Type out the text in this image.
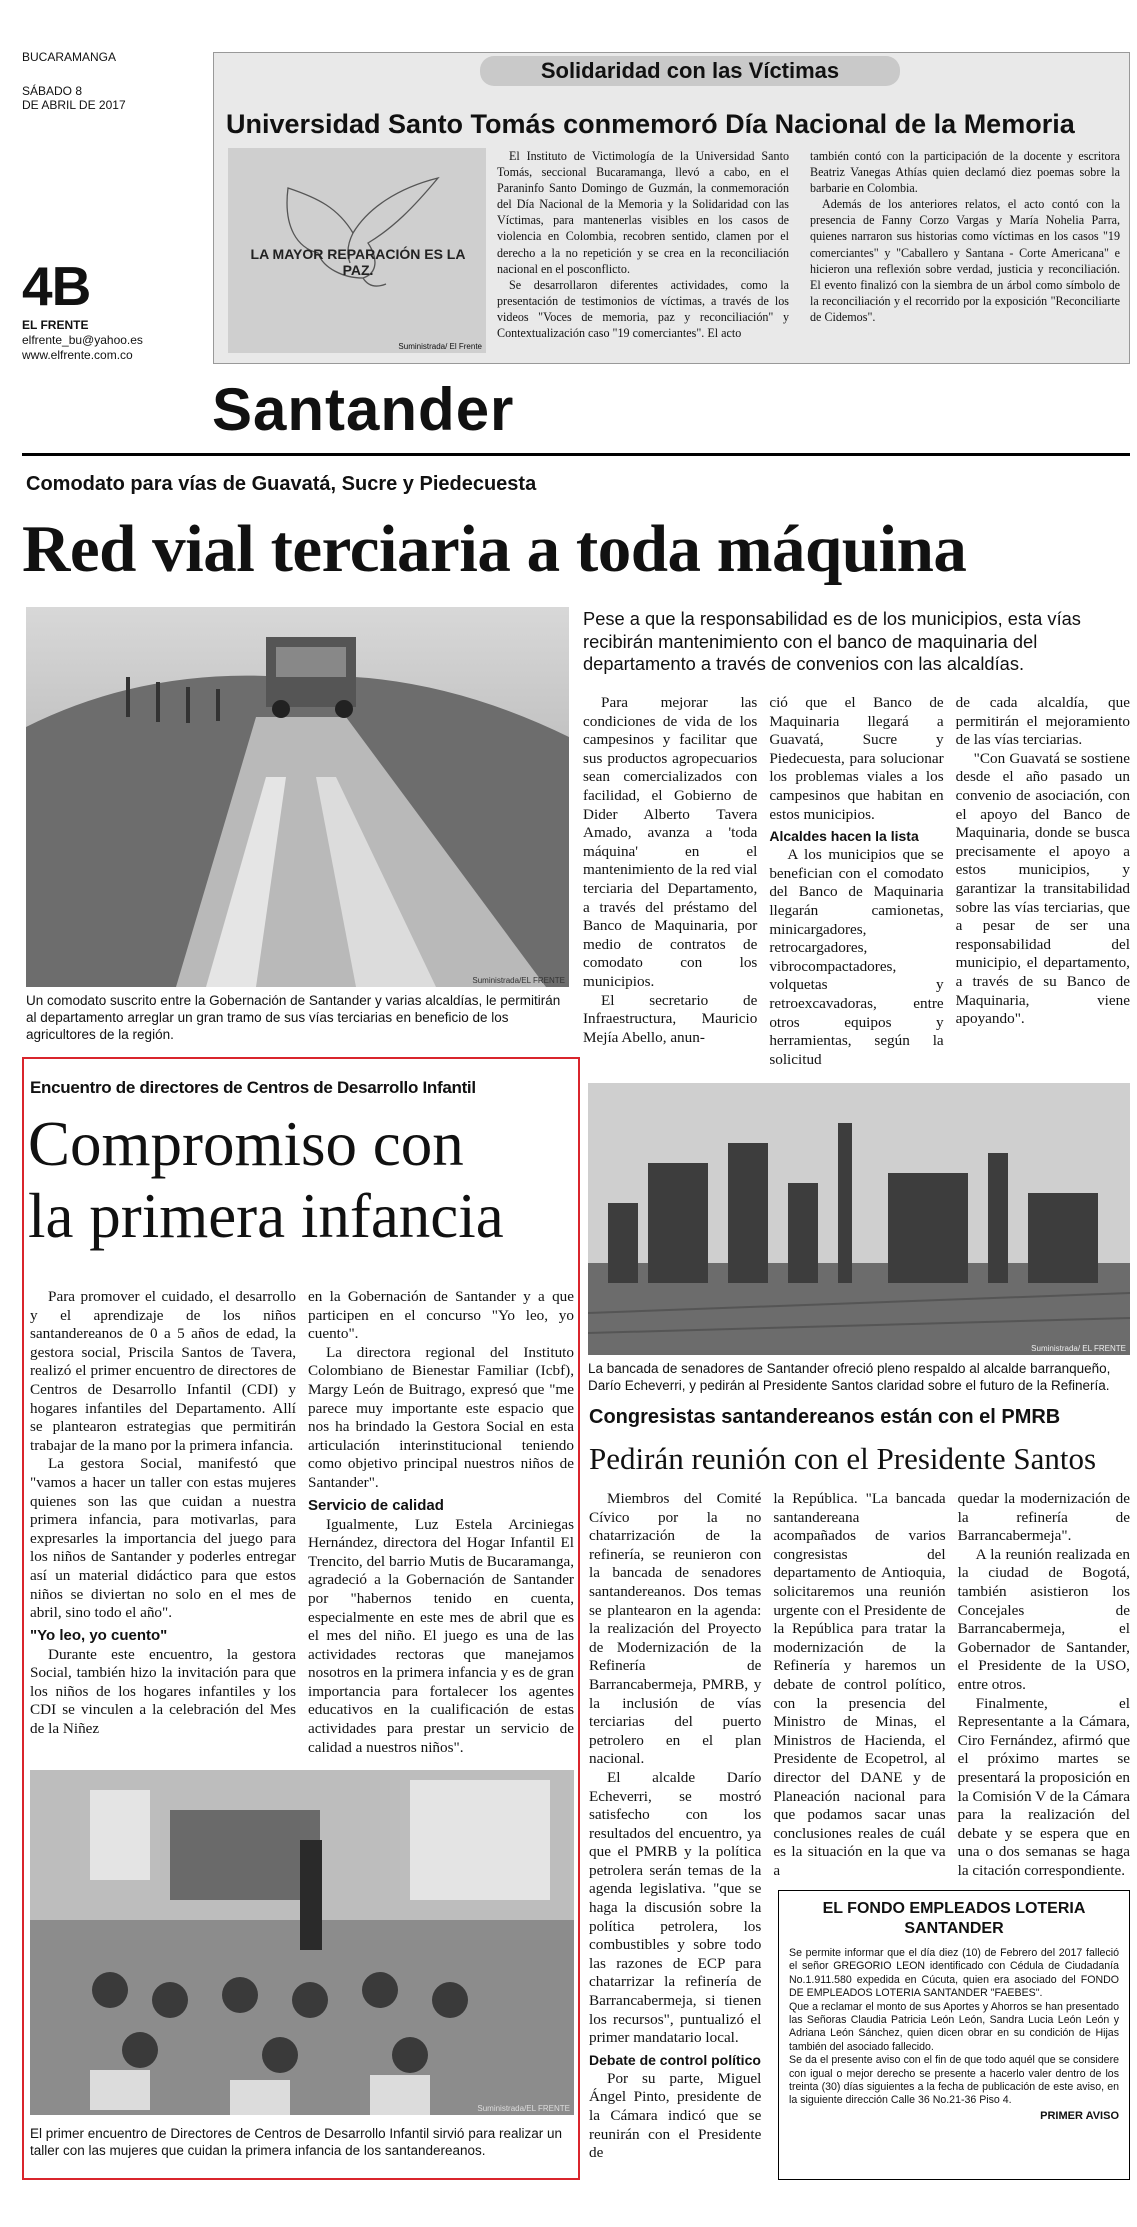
BUCARAMANGA
SÁBADO 8
DE ABRIL DE 2017
4B
EL FRENTE
elfrente_bu@yahoo.es
www.elfrente.com.co
Solidaridad con las Víctimas
Universidad Santo Tomás conmemoró Día Nacional de la Memoria
LA MAYOR REPARACIÓN ES LA PAZ.
Suministrada/ El Frente

El Instituto de Victimología de la Universidad Santo Tomás, seccional Bucaramanga, llevó a cabo, en el Paraninfo Santo Domingo de Guzmán, la conmemoración del Día Nacional de la Memoria y la Solidaridad con las Víctimas, para mantenerlas visibles en los casos de violencia en Colombia, recobren sentido, clamen por el derecho a la no repetición y se crea en la reconciliación nacional en el posconflicto.

Se desarrollaron diferentes actividades, como la presentación de testimonios de víctimas, a través de los videos "Voces de memoria, paz y reconciliación" y Contextualización caso "19 comerciantes". El acto

también contó con la participación de la docente y escritora Beatriz Vanegas Athías quien declamó diez poemas sobre la barbarie en Colombia.

Además de los anteriores relatos, el acto contó con la presencia de Fanny Corzo Vargas y María Nohelia Parra, quienes narraron sus historias como víctimas en los casos "19 comerciantes" y "Caballero y Santana - Corte Americana" e hicieron una reflexión sobre verdad, justicia y reconciliación. El evento finalizó con la siembra de un árbol como símbolo de la reconciliación y el recorrido por la exposición "Reconciliarte de Cidemos".

Santander
Comodato para vías de Guavatá, Sucre y Piedecuesta
Red vial terciaria a toda máquina
Suministrada/EL FRENTE
Un comodato suscrito entre la Gobernación de Santander y varias alcaldías, le permitirán al departamento arreglar un gran tramo de sus vías terciarias en beneficio de los agricultores de la región.
Pese a que la responsabilidad es de los municipios, esta vías recibirán mantenimiento con el banco de maquinaria del departamento a través de convenios con las alcaldías.

Para mejorar las condiciones de vida de los campesinos y facilitar que sus productos agropecuarios sean comercializados con facilidad, el Gobierno de Dider Alberto Tavera Amado, avanza a 'toda máquina' en el mantenimiento de la red vial terciaria del Departamento, a través del préstamo del Banco de Maquinaria, por medio de contratos de comodato con los municipios.

El secretario de Infraestructura, Mauricio Mejía Abello, anun-

ció que el Banco de Maquinaria llegará a Guavatá, Sucre y Piedecuesta, para solucionar los problemas viales a los campesinos que habitan en estos municipios.

Alcaldes hacen la lista

A los municipios que se benefician con el comodato del Banco de Maquinaria llegarán camionetas, minicargadores, retrocargadores, vibrocompactadores, volquetas y retroexcavadoras, entre otros equipos y herramientas, según la solicitud

de cada alcaldía, que permitirán el mejoramiento de las vías terciarias.

"Con Guavatá se sostiene desde el año pasado un convenio de asociación, con el apoyo del Banco de Maquinaria, donde se busca precisamente el apoyo a estos municipios, y garantizar la transitabilidad sobre las vías terciarias, que a pesar de ser una responsabilidad del municipio, el departamento, a través de su Banco de Maquinaria, viene apoyando".

Encuentro de directores de Centros de Desarrollo Infantil
Compromiso con
la primera infancia

Para promover el cuidado, el desarrollo y el aprendizaje de los niños santandereanos de 0 a 5 años de edad, la gestora social, Priscila Santos de Tavera, realizó el primer encuentro de directores de Centros de Desarrollo Infantil (CDI) y hogares infantiles del Departamento. Allí se plantearon estrategias que permitirán trabajar de la mano por la primera infancia.

La gestora Social, manifestó que "vamos a hacer un taller con estas mujeres quienes son las que cuidan a nuestra primera infancia, para motivarlas, para expresarles la importancia del juego para los niños de Santander y poderles entregar así un material didáctico para que estos niños se diviertan no solo en el mes de abril, sino todo el año".

"Yo leo, yo cuento"

Durante este encuentro, la gestora Social, también hizo la invitación para que los niños de los hogares infantiles y los CDI se vinculen a la celebración del Mes de la Niñez

en la Gobernación de Santander y a que participen en el concurso "Yo leo, yo cuento".

La directora regional del Instituto Colombiano de Bienestar Familiar (Icbf), Margy León de Buitrago, expresó que "me parece muy importante este espacio que nos ha brindado la Gestora Social en esta articulación interinstitucional teniendo como objetivo principal nuestros niños de Santander".

Servicio de calidad

Igualmente, Luz Estela Arciniegas Hernández, directora del Hogar Infantil El Trencito, del barrio Mutis de Bucaramanga, agradeció a la Gobernación de Santander por "habernos tenido en cuenta, especialmente en este mes de abril que es el mes del niño. El juego es una de las actividades rectoras que manejamos nosotros en la primera infancia y es de gran importancia para fortalecer los agentes educativos en la cualificación de estas actividades para prestar un servicio de calidad a nuestros niños".

Suministrada/EL FRENTE
El primer encuentro de Directores de Centros de Desarrollo Infantil sirvió para realizar un taller con las mujeres que cuidan la primera infancia de los santandereanos.
Suministrada/ EL FRENTE
La bancada de senadores de Santander ofreció pleno respaldo al alcalde barranqueño, Darío Echeverri, y pedirán al Presidente Santos claridad sobre el futuro de la Refinería.
Congresistas santandereanos están con el PMRB
Pedirán reunión con el Presidente Santos

Miembros del Comité Cívico por la no chatarrización de la refinería, se reunieron con la bancada de senadores santandereanos. Dos temas se plantearon en la agenda: la realización del Proyecto de Modernización de la Refinería de Barrancabermeja, PMRB, y la inclusión de vías terciarias del puerto petrolero en el plan nacional.

El alcalde Darío Echeverri, se mostró satisfecho con los resultados del encuentro, ya que el PMRB y la política petrolera serán temas de la agenda legislativa. "que se haga la discusión sobre la política petrolera, los combustibles y sobre todo las razones de ECP para chatarrizar la refinería de Barrancabermeja, si tienen los recursos", puntualizó el primer mandatario local.

Debate de control político

Por su parte, Miguel Ángel Pinto, presidente de la Cámara indicó que se reunirán con el Presidente de

la República. "La bancada santandereana acompañados de varios congresistas del departamento de Antioquia, solicitaremos una reunión urgente con el Presidente de la República para tratar la modernización de la Refinería y haremos un debate de control político, con la presencia del Ministro de Minas, el Ministros de Hacienda, el Presidente de Ecopetrol, al director del DANE y de Planeación nacional para que podamos sacar unas conclusiones reales de cuál es la situación en la que va a

quedar la modernización de la refinería de Barrancabermeja".

A la reunión realizada en la ciudad de Bogotá, también asistieron los Concejales de Barrancabermeja, el Gobernador de Santander, el Presidente de la USO, entre otros.

Finalmente, el Representante a la Cámara, Ciro Fernández, afirmó que el próximo martes se presentará la proposición en la Comisión V de la Cámara para la realización del debate y se espera que en una o dos semanas se haga la citación correspondiente.

EL FONDO EMPLEADOS LOTERIA
SANTANDER

Se permite informar que el día diez (10) de Febrero del 2017 falleció el señor GREGORIO LEON identificado con Cédula de Ciudadanía No.1.911.580 expedida en Cúcuta, quien era asociado del FONDO DE EMPLEADOS LOTERIA SANTANDER "FAEBES".

Que a reclamar el monto de sus Aportes y Ahorros se han presentado las Señoras Claudia Patricia León León, Sandra Lucia León León y Adriana León Sánchez, quien dicen obrar en su condición de Hijas también del asociado fallecido.

Se da el presente aviso con el fin de que todo aquél que se considere con igual o mejor derecho se presente a hacerlo valer dentro de los treinta (30) días siguientes a la fecha de publicación de este aviso, en la siguiente dirección Calle 36 No.21-36 Piso 4.

PRIMER AVISO
